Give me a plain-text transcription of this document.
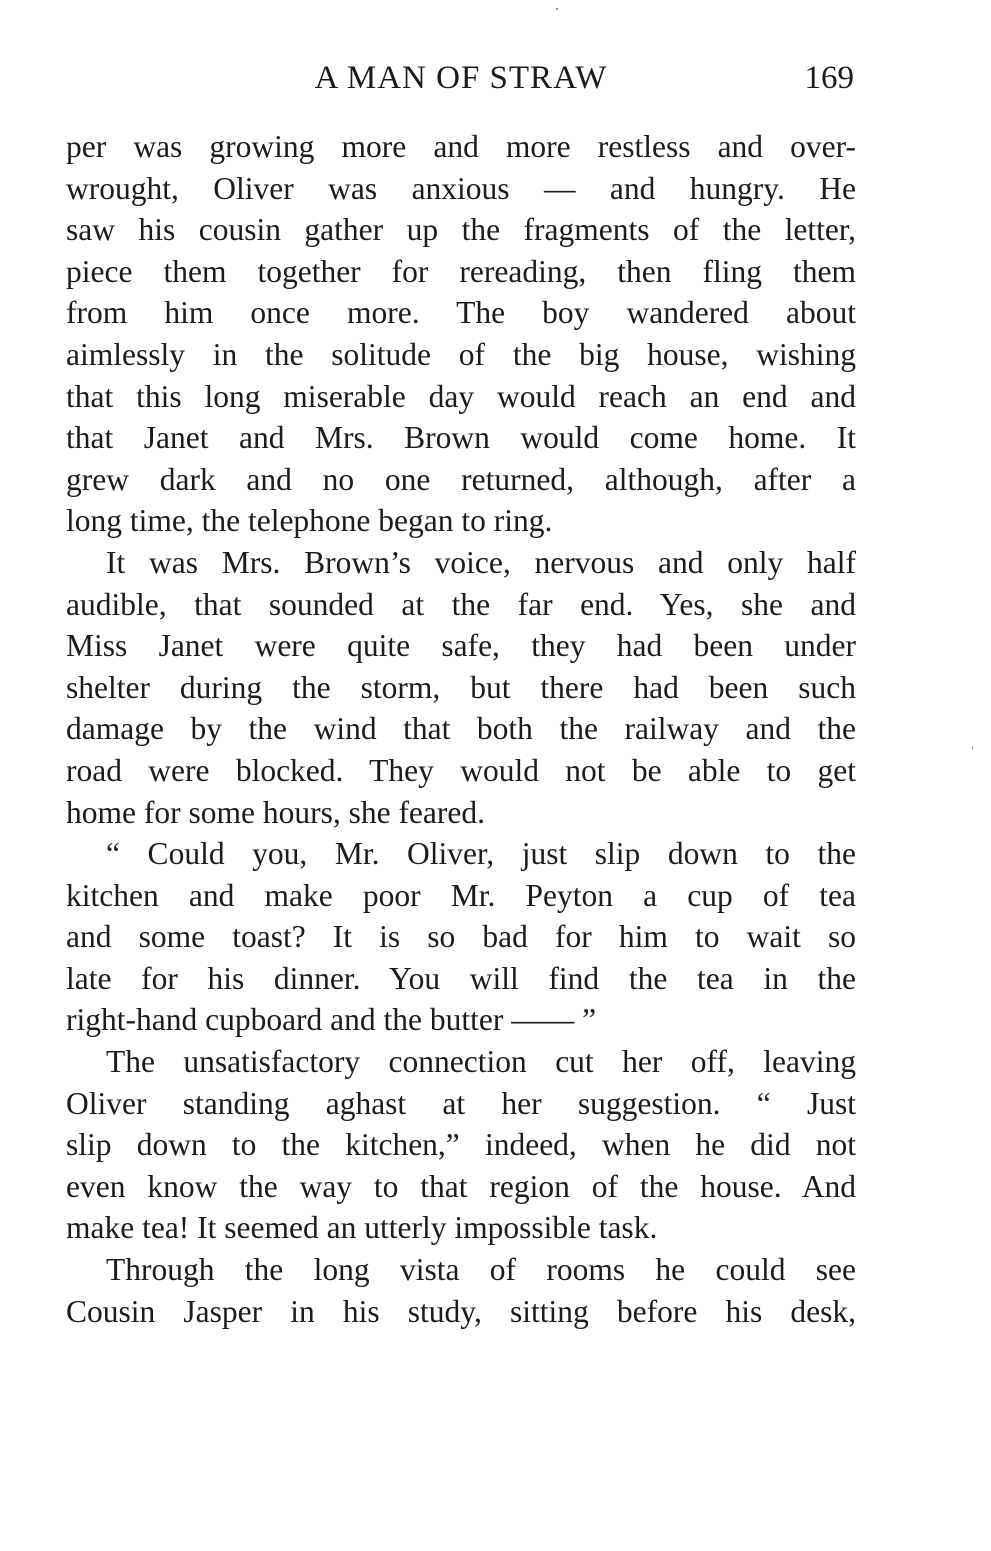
A MAN OF STRAW	169
per was growing more and more restless and over-
wrought, Oliver was anxious — and hungry. He
saw his cousin gather up the fragments of the letter,
piece them together for rereading, then fling them
from him once more. The boy wandered about
aimlessly in the solitude of the big house, wishing
that this long miserable day would reach an end and
that Janet and Mrs. Brown would come home. It
grew dark and no one returned, although, after a
long time, the telephone began to ring.
It was Mrs. Brown’s voice, nervous and only half
audible, that sounded at the far end. Yes, she and
Miss Janet were quite safe, they had been under
shelter during the storm, but there had been such
damage by the wind that both the railway and the
road were blocked. They would not be able to get
home for some hours, she feared.
“ Could you, Mr. Oliver, just slip down to the
kitchen and make poor Mr. Peyton a cup of tea
and some toast? It is so bad for him to wait so
late for his dinner. You will find the tea in the
right-hand cupboard and the butter —— ”
The unsatisfactory connection cut her off, leaving
Oliver standing aghast at her suggestion. “ Just
slip down to the kitchen,” indeed, when he did not
even know the way to that region of the house. And
make tea! It seemed an utterly impossible task.
Through the long vista of rooms he could see
Cousin Jasper in his study, sitting before his desk,
